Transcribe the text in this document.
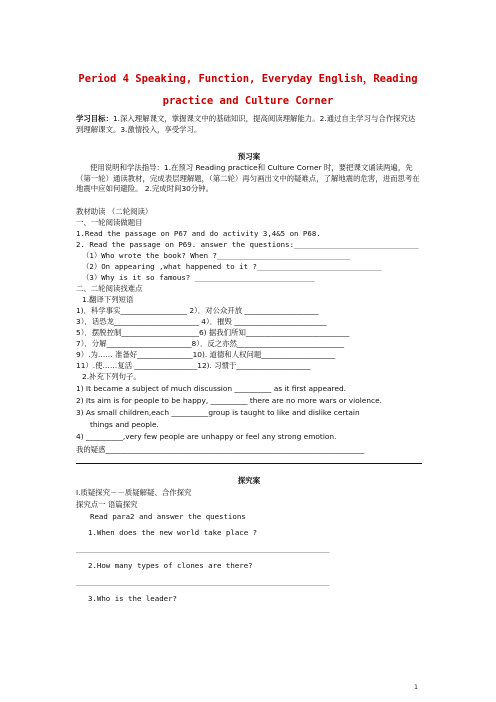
Period 4 Speaking, Function, Everyday English，Reading
practice and Culture Corner
学习目标：1.深入理解课文，掌握课文中的基础知识，提高阅读理解能力。2.通过自主学习与合作探究达到理解课文。3.激情投入，享受学习。
预习案
使用说明和学法指导：1.在预习 Reading practice和 Culture Corner 时，要把课文诵读两遍，先（第一轮）通读教材，完成表层理解题，（第二轮）再匀画出文中的疑难点，了解地震的危害，进而思考在地震中应如何避险。 2.完成时间30分钟。
教材助读 （二轮阅读）
一、一轮阅读做题目
1.Read the passage on P67 and do activity 3,4&5 on P68.
2. Read the passage on P69. answer the questions:____________________________
（1）Who wrote the book? When ?______________________________
（2）On appearing ,what happened to it ?____________________________
（3）Why is it so famous? ___________________________
二、二轮阅读找难点
1.翻译下列短语
1)．科学事实__________________ 2）．对公众开放 ____________________
3）．话恐龙_______________________ 4）．摧毁 _________________________
5）．摆脱控制_____________________6) 据我们所知____________________________
7）．分解_______________________8）．反之亦然_____________________________
9）.为…… 准备好_______________10). 道德和人权问题____________________
11）.使……复活 _________________12). 习惯于____________________
2.补充下列句子。
1) It became a subject of much discussion __________ as it first appeared.
2) Its aim is for people to be happy, __________ there are no more wars or violence.
3) As small children,each __________group is taught to like and dislike certain
things and people.
4) __________,very few people are unhappy or feel any strong emotion.
我的疑惑______________________________________________________________________
探究案
Ⅰ.质疑探究－－质疑解疑、合作探究
探究点一 语篇探究
Read para2 and answer the questions
1.When does the new world take place ?
_________________________________________________________
2.How many types of clones are there?
_________________________________________________________
3.Who is the leader?
1
